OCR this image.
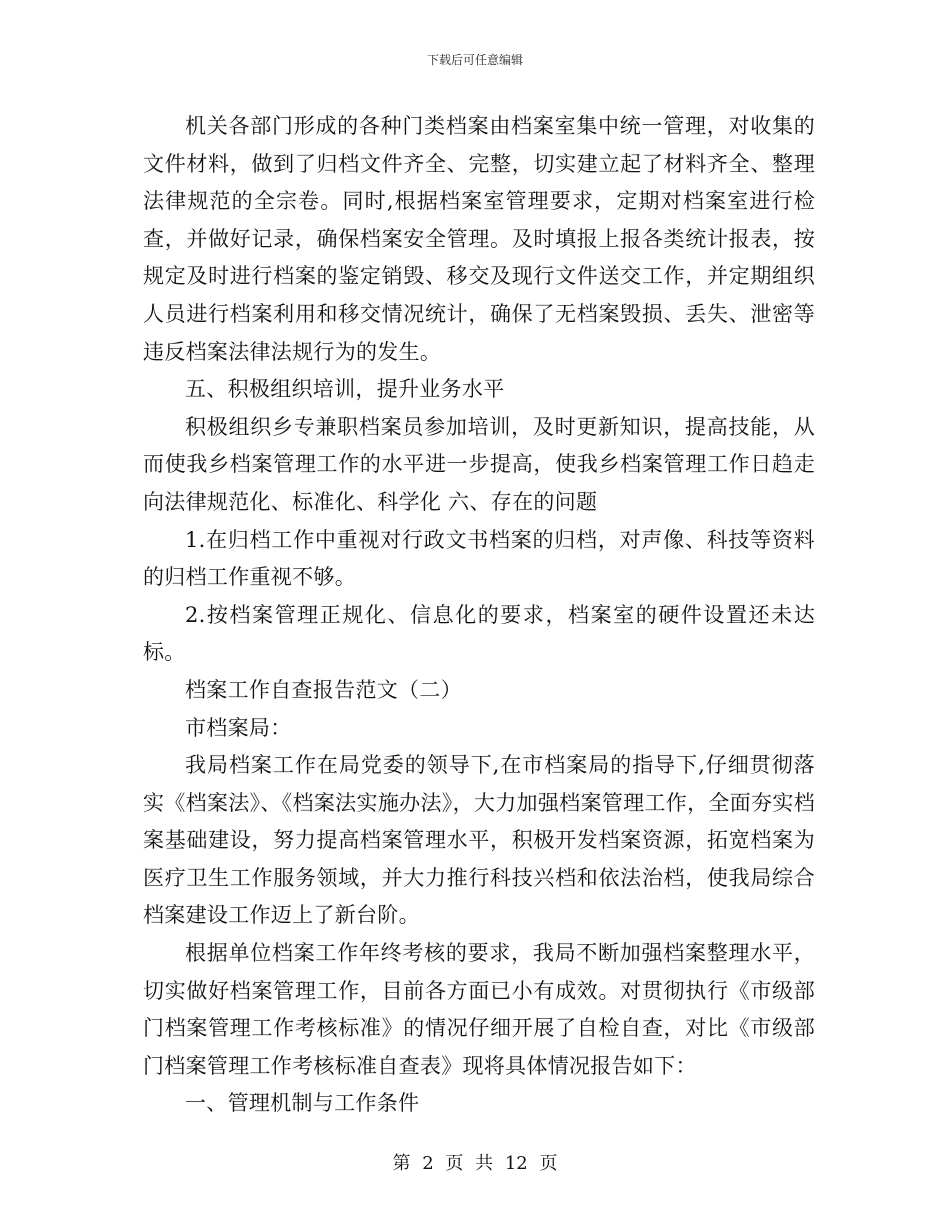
下载后可任意编辑

机关各部门形成的各种门类档案由档案室集中统一管理，对收集的文件材料，做到了归档文件齐全、完整，切实建立起了材料齐全、整理法律规范的全宗卷。同时,根据档案室管理要求，定期对档案室进行检查，并做好记录，确保档案安全管理。及时填报上报各类统计报表，按规定及时进行档案的鉴定销毁、移交及现行文件送交工作，并定期组织人员进行档案利用和移交情况统计，确保了无档案毁损、丢失、泄密等违反档案法律法规行为的发生。

五、积极组织培训，提升业务水平

积极组织乡专兼职档案员参加培训，及时更新知识，提高技能，从而使我乡档案管理工作的水平进一步提高，使我乡档案管理工作日趋走向法律规范化、标准化、科学化 六、存在的问题

1.在归档工作中重视对行政文书档案的归档，对声像、科技等资料的归档工作重视不够。

2.按档案管理正规化、信息化的要求，档案室的硬件设置还未达标。

档案工作自查报告范文（二）

市档案局：

我局档案工作在局党委的领导下,在市档案局的指导下,仔细贯彻落实《档案法》、《档案法实施办法》，大力加强档案管理工作，全面夯实档案基础建设，努力提高档案管理水平，积极开发档案资源，拓宽档案为医疗卫生工作服务领域，并大力推行科技兴档和依法治档，使我局综合档案建设工作迈上了新台阶。

根据单位档案工作年终考核的要求，我局不断加强档案整理水平，切实做好档案管理工作，目前各方面已小有成效。对贯彻执行《市级部门档案管理工作考核标准》的情况仔细开展了自检自查，对比《市级部门档案管理工作考核标准自查表》现将具体情况报告如下：

一、管理机制与工作条件

第 2 页 共 12 页
